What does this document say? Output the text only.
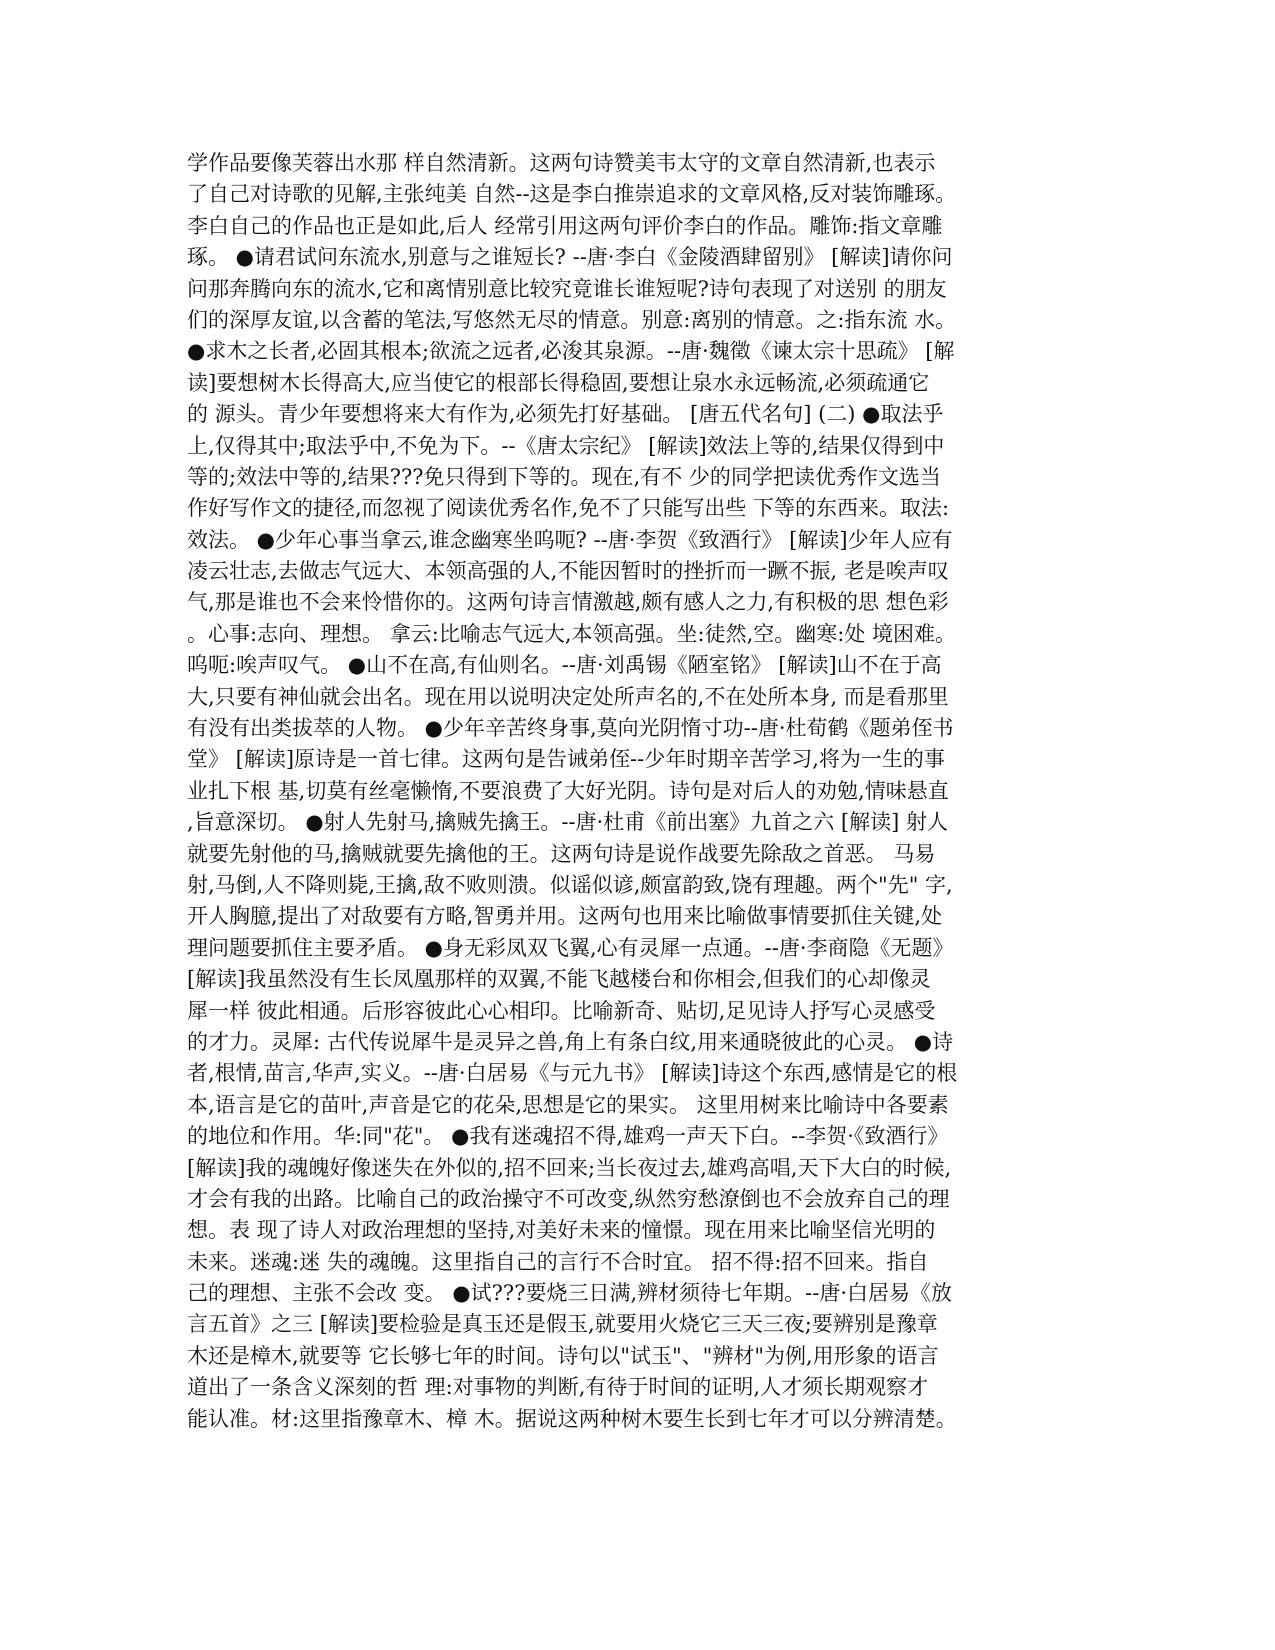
学作品要像芙蓉出水那 样自然清新。这两句诗赞美韦太守的文章自然清新,也表示
了自己对诗歌的见解,主张纯美 自然--这是李白推崇追求的文章风格,反对装饰雕琢。
李白自己的作品也正是如此,后人 经常引用这两句评价李白的作品。雕饰:指文章雕
琢。 ●请君试问东流水,别意与之谁短长? --唐·李白《金陵酒肆留别》 [解读]请你问
问那奔腾向东的流水,它和离情别意比较究竟谁长谁短呢?诗句表现了对送别 的朋友
们的深厚友谊,以含蓄的笔法,写悠然无尽的情意。别意:离别的情意。之:指东流 水。
●求木之长者,必固其根本;欲流之远者,必浚其泉源。--唐·魏徵《谏太宗十思疏》 [解
读]要想树木长得高大,应当使它的根部长得稳固,要想让泉水永远畅流,必须疏通它
的 源头。青少年要想将来大有作为,必须先打好基础。 [唐五代名句] (二) ●取法乎
上,仅得其中;取法乎中,不免为下。--《唐太宗纪》 [解读]效法上等的,结果仅得到中
等的;效法中等的,结果???免只得到下等的。现在,有不 少的同学把读优秀作文选当
作好写作文的捷径,而忽视了阅读优秀名作,免不了只能写出些 下等的东西来。取法:
效法。 ●少年心事当拿云,谁念幽寒坐呜呃? --唐·李贺《致酒行》 [解读]少年人应有
凌云壮志,去做志气远大、本领高强的人,不能因暂时的挫折而一蹶不振, 老是唉声叹
气,那是谁也不会来怜惜你的。这两句诗言情激越,颇有感人之力,有积极的思 想色彩
。心事:志向、理想。 拿云:比喻志气远大,本领高强。坐:徒然,空。幽寒:处 境困难。
呜呃:唉声叹气。 ●山不在高,有仙则名。--唐·刘禹锡《陋室铭》 [解读]山不在于高
大,只要有神仙就会出名。现在用以说明决定处所声名的,不在处所本身, 而是看那里
有没有出类拔萃的人物。 ●少年辛苦终身事,莫向光阴惰寸功--唐·杜荀鹤《题弟侄书
堂》 [解读]原诗是一首七律。这两句是告诫弟侄--少年时期辛苦学习,将为一生的事
业扎下根 基,切莫有丝毫懒惰,不要浪费了大好光阴。诗句是对后人的劝勉,情味悬直
,旨意深切。 ●射人先射马,擒贼先擒王。--唐·杜甫《前出塞》九首之六 [解读] 射人
就要先射他的马,擒贼就要先擒他的王。这两句诗是说作战要先除敌之首恶。 马易
射,马倒,人不降则毙,王擒,敌不败则溃。似谣似谚,颇富韵致,饶有理趣。两个"先" 字,
开人胸臆,提出了对敌要有方略,智勇并用。这两句也用来比喻做事情要抓住关键,处
理问题要抓住主要矛盾。 ●身无彩凤双飞翼,心有灵犀一点通。--唐·李商隐《无题》
[解读]我虽然没有生长凤凰那样的双翼,不能飞越楼台和你相会,但我们的心却像灵
犀一样 彼此相通。后形容彼此心心相印。比喻新奇、贴切,足见诗人抒写心灵感受
的才力。灵犀: 古代传说犀牛是灵异之兽,角上有条白纹,用来通晓彼此的心灵。 ●诗
者,根情,苗言,华声,实义。--唐·白居易《与元九书》 [解读]诗这个东西,感情是它的根
本,语言是它的苗叶,声音是它的花朵,思想是它的果实。 这里用树来比喻诗中各要素
的地位和作用。华:同"花"。 ●我有迷魂招不得,雄鸡一声天下白。--李贺·《致酒行》
[解读]我的魂魄好像迷失在外似的,招不回来;当长夜过去,雄鸡高唱,天下大白的时候,
才会有我的出路。比喻自己的政治操守不可改变,纵然穷愁潦倒也不会放弃自己的理
想。表 现了诗人对政治理想的坚持,对美好未来的憧憬。现在用来比喻坚信光明的
未来。迷魂:迷 失的魂魄。这里指自己的言行不合时宜。 招不得:招不回来。指自
己的理想、主张不会改 变。 ●试???要烧三日满,辨材须待七年期。--唐·白居易《放
言五首》之三 [解读]要检验是真玉还是假玉,就要用火烧它三天三夜;要辨别是豫章
木还是樟木,就要等 它长够七年的时间。诗句以"试玉"、"辨材"为例,用形象的语言
道出了一条含义深刻的哲 理:对事物的判断,有待于时间的证明,人才须长期观察才
能认准。材:这里指豫章木、樟 木。据说这两种树木要生长到七年才可以分辨清楚。
